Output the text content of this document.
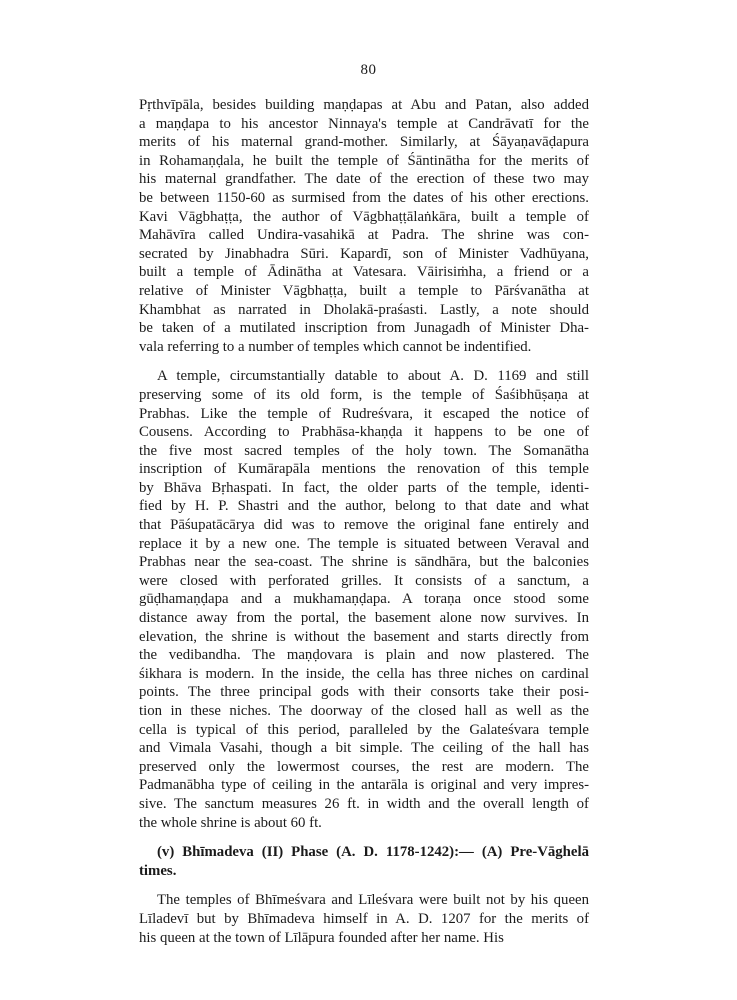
80
Pṛthvīpāla, besides building maṇḍapas at Abu and Patan, also added
a maṇḍapa to his ancestor Ninnaya's temple at Candrāvatī for the
merits of his maternal grand-mother. Similarly, at Śāyaṇavāḍapura
in Rohamaṇḍala, he built the temple of Śāntinātha for the merits of
his maternal grandfather. The date of the erection of these two may
be between 1150-60 as surmised from the dates of his other erections.
Kavi Vāgbhaṭṭa, the author of Vāgbhaṭṭālaṅkāra, built a temple of
Mahāvīra called Undira-vasahikā at Padra. The shrine was con-
secrated by Jinabhadra Sūri. Kapardī, son of Minister Vadhūyana,
built a temple of Ādinātha at Vatesara. Vāirisiṁha, a friend or a
relative of Minister Vāgbhaṭṭa, built a temple to Pārśvanātha at
Khambhat as narrated in Dholakā-praśasti. Lastly, a note should
be taken of a mutilated inscription from Junagadh of Minister Dha-
vala referring to a number of temples which cannot be indentified.
A temple, circumstantially datable to about A. D. 1169 and still
preserving some of its old form, is the temple of Śaśibhūṣaṇa at
Prabhas. Like the temple of Rudreśvara, it escaped the notice of
Cousens. According to Prabhāsa-khaṇḍa it happens to be one of
the five most sacred temples of the holy town. The Somanātha
inscription of Kumārapāla mentions the renovation of this temple
by Bhāva Bṛhaspati. In fact, the older parts of the temple, identi-
fied by H. P. Shastri and the author, belong to that date and what
that Pāśupatācārya did was to remove the original fane entirely and
replace it by a new one. The temple is situated between Veraval and
Prabhas near the sea-coast. The shrine is sāndhāra, but the balconies
were closed with perforated grilles. It consists of a sanctum, a
gūḍhamaṇḍapa and a mukhamaṇḍapa. A toraṇa once stood some
distance away from the portal, the basement alone now survives. In
elevation, the shrine is without the basement and starts directly from
the vedibandha. The maṇḍovara is plain and now plastered. The
śikhara is modern. In the inside, the cella has three niches on cardinal
points. The three principal gods with their consorts take their posi-
tion in these niches. The doorway of the closed hall as well as the
cella is typical of this period, paralleled by the Galateśvara temple
and Vimala Vasahi, though a bit simple. The ceiling of the hall has
preserved only the lowermost courses, the rest are modern. The
Padmanābha type of ceiling in the antarāla is original and very impres-
sive. The sanctum measures 26 ft. in width and the overall length of
the whole shrine is about 60 ft.
(v) Bhīmadeva (II) Phase (A. D. 1178-1242):— (A) Pre-Vāghelā
times.
The temples of Bhīmeśvara and Līleśvara were built not by his queen
Līladevī but by Bhīmadeva himself in A. D. 1207 for the merits of
his queen at the town of Līlāpura founded after her name. His
